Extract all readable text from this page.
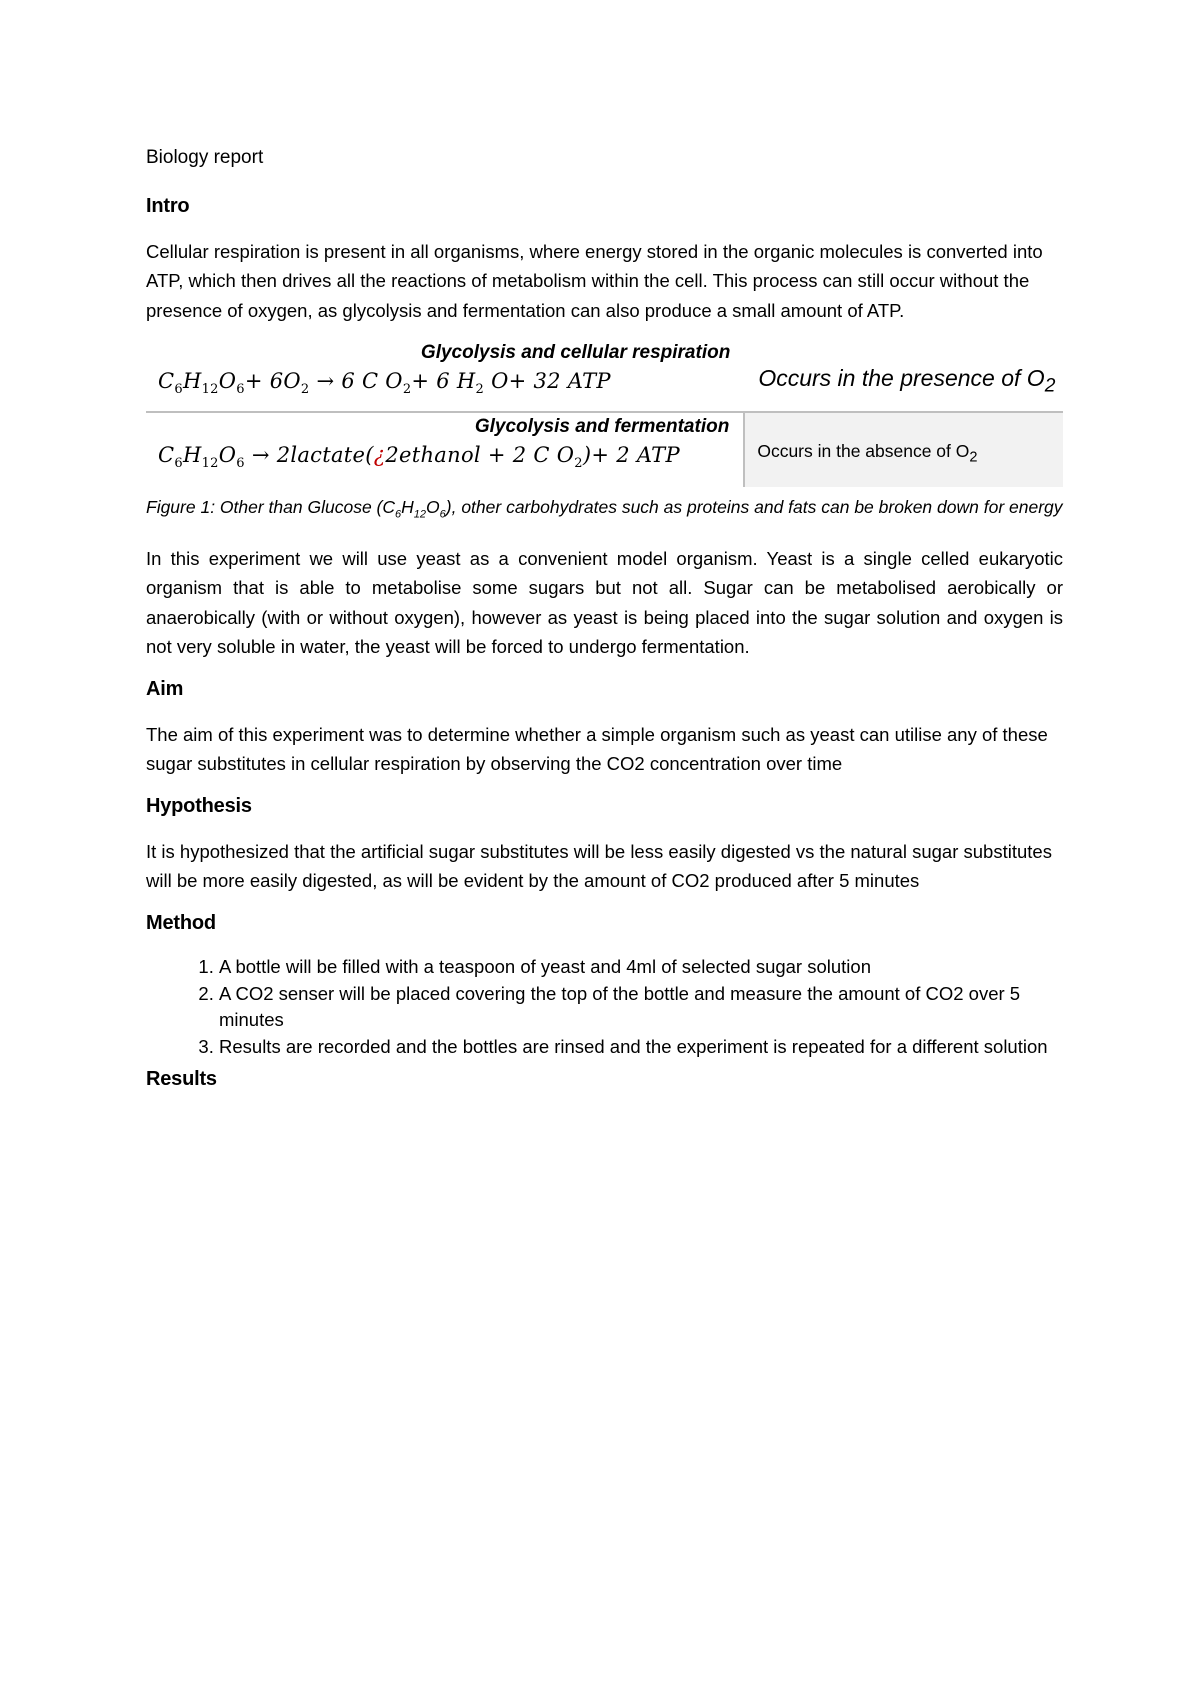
Biology report
Intro

Cellular respiration is present in all organisms, where energy stored in the organic molecules is converted into ATP, which then drives all the reactions of metabolism within the cell. This process can still occur without the presence of oxygen, as glycolysis and fermentation can also produce a small amount of ATP.

Glycolysis and cellular respiration
$C_6H_{12}O_6+ 6O_2 \to 6$ C $O_2+ 6$ $H_2$ O+ 32 ATP	Occurs in the presence of $O_2$

Glycolysis and fermentation
$C_6H_{12}O_6$ → 2lactate(¿2ethanol + 2 C $O_2)+ 2$ ATP	Occurs in the absence of $O_2$
Figure 1: Other than Glucose $(C_6H_{12}O_6)$, other carbohydrates such as proteins and fats can be broken down for energy

In this experiment we will use yeast as a convenient model organism. Yeast is a single celled eukaryotic organism that is able to metabolise some sugars but not all. Sugar can be metabolised aerobically or anaerobically (with or without oxygen), however as yeast is being placed into the sugar solution and oxygen is not very soluble in water, the yeast will be forced to undergo fermentation.

Aim

The aim of this experiment was to determine whether a simple organism such as yeast can utilise any of these sugar substitutes in cellular respiration by observing the CO2 concentration over time

Hypothesis

It is hypothesized that the artificial sugar substitutes will be less easily digested vs the natural sugar substitutes will be more easily digested, as will be evident by the amount of CO2 produced after 5 minutes

Method
1. A bottle will be filled with a teaspoon of yeast and 4ml of selected sugar solution
2. A CO2 senser will be placed covering the top of the bottle and measure the amount of CO2 over 5 minutes
3. Results are recorded and the bottles are rinsed and the experiment is repeated for a different solution
Results
